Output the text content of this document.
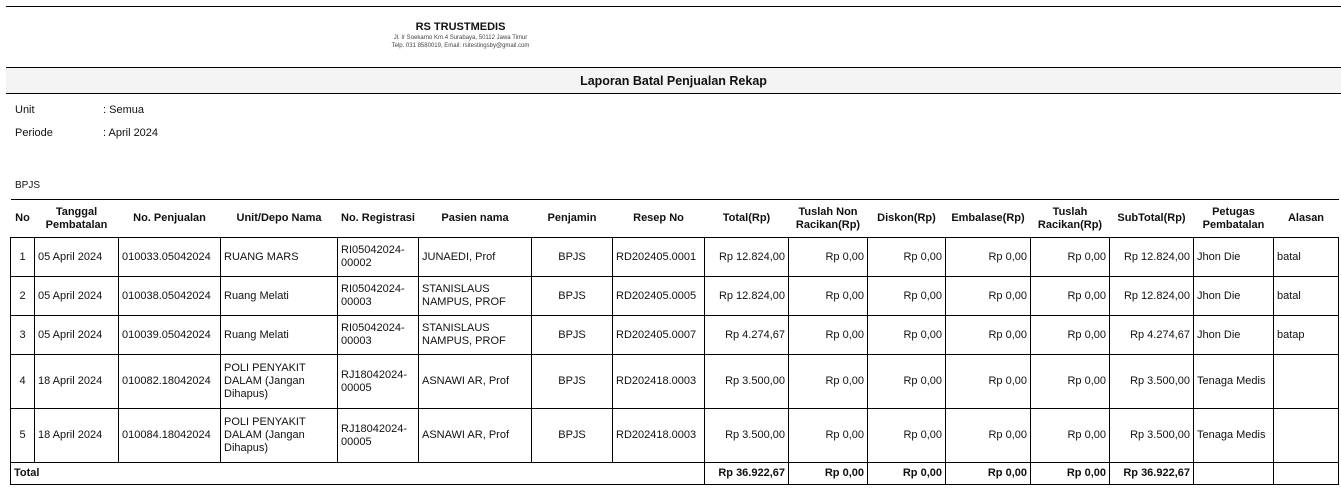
RS TRUSTMEDIS
Jl. Ir Soekarno Km.4 Surabaya, 50112 Jawa Timur
Telp. 031 8580019, Email: rsitestingsby@gmail.com
Laporan Batal Penjualan Rekap
Unit	: Semua
Periode	: April 2024
BPJS
No	Tanggal Pembatalan	No. Penjualan	Unit/Depo Nama	No. Registrasi	Pasien nama	Penjamin	Resep No	Total(Rp)	Tuslah Non Racikan(Rp)	Diskon(Rp)	Embalase(Rp)	Tuslah Racikan(Rp)	SubTotal(Rp)	Petugas Pembatalan	Alasan
1	05 April 2024	010033.05042024	RUANG MARS	RI05042024-00002	JUNAEDI, Prof	BPJS	RD202405.0001	Rp 12.824,00	Rp 0,00	Rp 0,00	Rp 0,00	Rp 0,00	Rp 12.824,00	Jhon Die	batal
2	05 April 2024	010038.05042024	Ruang Melati	RI05042024-00003	STANISLAUS NAMPUS, PROF	BPJS	RD202405.0005	Rp 12.824,00	Rp 0,00	Rp 0,00	Rp 0,00	Rp 0,00	Rp 12.824,00	Jhon Die	batal
3	05 April 2024	010039.05042024	Ruang Melati	RI05042024-00003	STANISLAUS NAMPUS, PROF	BPJS	RD202405.0007	Rp 4.274,67	Rp 0,00	Rp 0,00	Rp 0,00	Rp 0,00	Rp 4.274,67	Jhon Die	batap
4	18 April 2024	010082.18042024	POLI PENYAKIT DALAM (Jangan Dihapus)	RJ18042024-00005	ASNAWI AR, Prof	BPJS	RD202418.0003	Rp 3.500,00	Rp 0,00	Rp 0,00	Rp 0,00	Rp 0,00	Rp 3.500,00	Tenaga Medis	
5	18 April 2024	010084.18042024	POLI PENYAKIT DALAM (Jangan Dihapus)	RJ18042024-00005	ASNAWI AR, Prof	BPJS	RD202418.0003	Rp 3.500,00	Rp 0,00	Rp 0,00	Rp 0,00	Rp 0,00	Rp 3.500,00	Tenaga Medis	
Total								Rp 36.922,67	Rp 0,00	Rp 0,00	Rp 0,00	Rp 0,00	Rp 36.922,67		
